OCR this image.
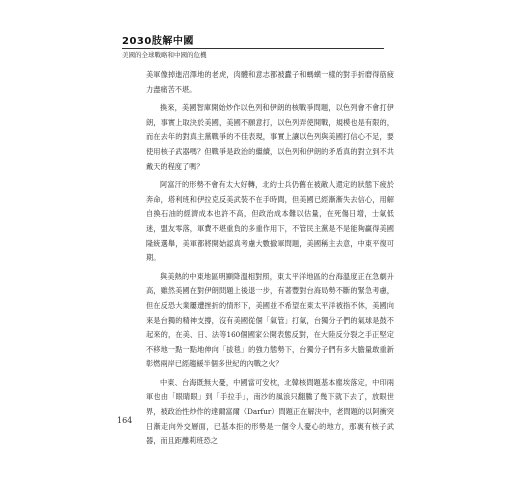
2030肢解中國
美國的全球戰略和中國的危機

美軍像掉進沼澤地的老虎，肉體和意志都被蠹子和螞蟥一樣的對手折磨得筋疲力盡痛苦不堪。

換來，美國智庫開始炒作以色列和伊朗的核戰爭問題，以色列會不會打伊朗，事實上取決於美國，美國不願意打，以色列弄使開戰，規模也是有限的，而在去年的對真主黨戰爭的不佳表現，事實上讓以色列與美國打信心不足，要使用核子武器嗎？但戰爭是政治的繼續，以色列和伊朗的矛盾真的對立到不共戴天的程度了嗎？

阿富汗的形勢不會有太大好轉，北約士兵仍舊在被敵人還定的狀態下疲於奔命，塔利班和伊拉克反美武裝不在手時間，但美國已經漸漸失去信心，用解自換石油的經濟成本也許不高，但政治成本難以估量，在死傷日增，士氣低迷，盟友零落，軍費不堪重負的多重作用下，不管民主黨是不是能夠贏得美國隆統選舉，美軍都將開始認真考慮大數撤軍問題，美國稱主去意，中東平復可期。

與美熱的中東地區明顯降溫相對照，東太平洋地區的台海溫度正在急劇升高，雖然美國在對伊朗問題上後退一步，有著豐對台海局勢不斷的緊急考慮，但在反恐大業屢遭挫折的情形下，美國並不希望在東太平洋被指不休，美國向來是台獨的精神支撐，沒有美國從個「氣管」打氣，台獨分子們的氣球是鼓不起來的，在美、日、法等160個國家公開表態反對，在大陸反分裂之手正堅定不移地一點一點地伸向「拔毯」的強力態勢下，台獨分子們有多大膽量敢重新彰燃兩岸已經趨緩半個多世紀的內戰之火？

中東、台海既無大憂，中國當可安枕，北韓核問題基本塵埃落定，中印兩軍也由「眼睛眼」到「手拉手」，南沙的風浪只翻騰了幾下就下去了，放眼世界，被政治性炒作的達爾富爾（Darfur）問題正在解決中，老問題的以阿衝突日漸走向外交層面，已基本拒的形勢是一個令人憂心的地方，那裏有核子武器，而且距離莉班恐之

164
